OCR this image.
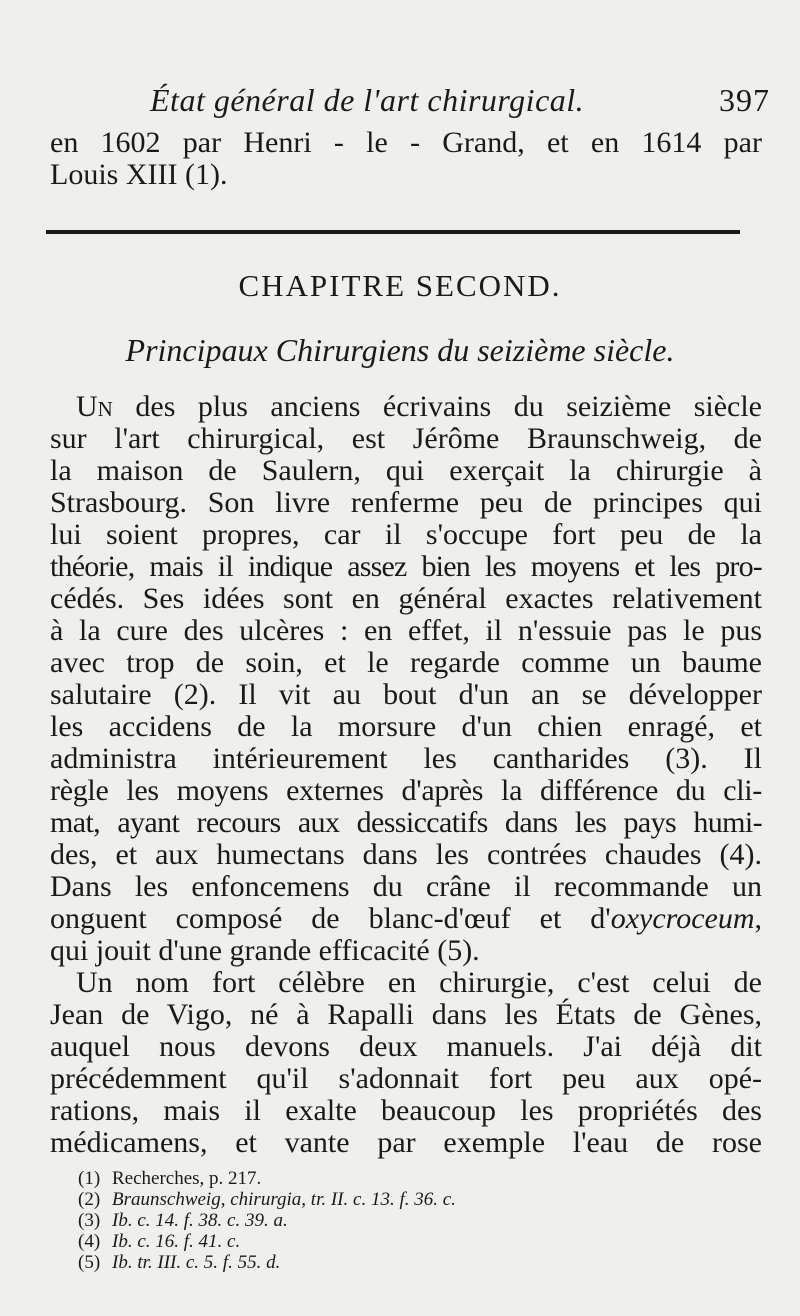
État général de l'art chirurgical.	397
en 1602 par Henri - le - Grand, et en 1614 par
Louis XIII (1).
CHAPITRE SECOND.
Principaux Chirurgiens du seizième siècle.
Un des plus anciens écrivains du seizième siècle
sur l'art chirurgical, est Jérôme Braunschweig, de
la maison de Saulern, qui exerçait la chirurgie à
Strasbourg. Son livre renferme peu de principes qui
lui soient propres, car il s'occupe fort peu de la
théorie, mais il indique assez bien les moyens et les pro-
cédés. Ses idées sont en général exactes relativement
à la cure des ulcères : en effet, il n'essuie pas le pus
avec trop de soin, et le regarde comme un baume
salutaire (2). Il vit au bout d'un an se développer
les accidens de la morsure d'un chien enragé, et
administra intérieurement les cantharides (3). Il
règle les moyens externes d'après la différence du cli-
mat, ayant recours aux dessiccatifs dans les pays humi-
des, et aux humectans dans les contrées chaudes (4).
Dans les enfoncemens du crâne il recommande un
onguent composé de blanc-d'œuf et d'oxycroceum,
qui jouit d'une grande efficacité (5).
Un nom fort célèbre en chirurgie, c'est celui de
Jean de Vigo, né à Rapalli dans les États de Gènes,
auquel nous devons deux manuels. J'ai déjà dit
précédemment qu'il s'adonnait fort peu aux opé-
rations, mais il exalte beaucoup les propriétés des
médicamens, et vante par exemple l'eau de rose
(1) Recherches, p. 217.
(2) Braunschweig, chirurgia, tr. II. c. 13. f. 36. c.
(3) Ib. c. 14. f. 38. c. 39. a.
(4) Ib. c. 16. f. 41. c.
(5) Ib. tr. III. c. 5. f. 55. d.
